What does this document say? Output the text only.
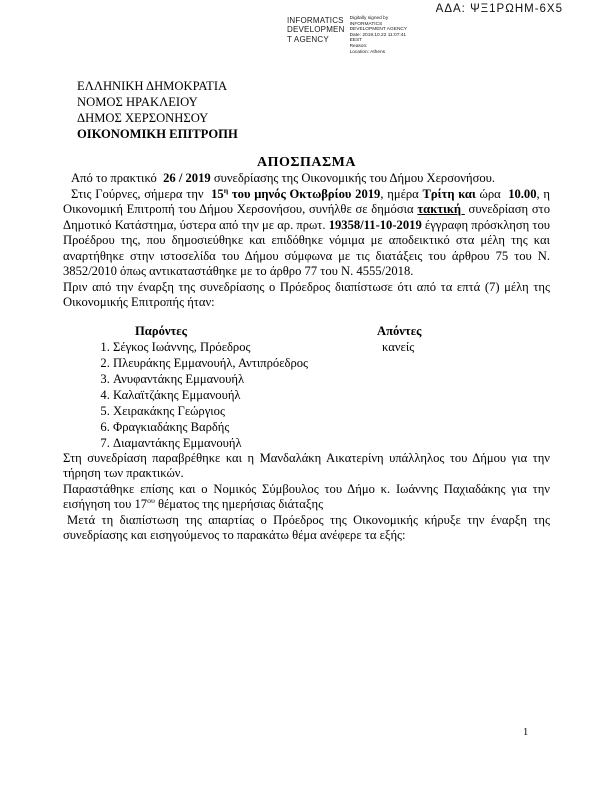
ΑΔΑ: ΨΞ1ΡΩΗΜ-6Χ5
INFORMATICS
DEVELOPMEN
T AGENCY
Digitally signed by
INFORMATICS
DEVELOPMENT AGENCY
Date: 2019.10.22 11:07:41
EEST
Reason:
Location: Athens
ΕΛΛΗΝΙΚΗ ΔΗΜΟΚΡΑΤΙΑ
ΝΟΜΟΣ ΗΡΑΚΛΕΙΟΥ
ΔΗΜΟΣ ΧΕΡΣΟΝΗΣΟΥ
ΟΙΚΟΝΟΜΙΚΗ ΕΠΙΤΡΟΠΗ
ΑΠΟΣΠΑΣΜΑ

Από το πρακτικό  26 / 2019 συνεδρίασης της Οικονομικής του Δήμου Χερσονήσου.

Στις Γούρνες, σήμερα την  $15^\eta$ του μηνός Οκτωβρίου 2019, ημέρα Τρίτη και ώρα  10.00, η Οικονομική Επιτροπή του Δήμου Χερσονήσου, συνήλθε σε δημόσια τακτική  συνεδρίαση στο Δημοτικό Κατάστημα, ύστερα από την με αρ. πρωτ. 19358/11-10-2019 έγγραφη πρόσκληση του Προέδρου της, που δημοσιεύθηκε και επιδόθηκε νόμιμα με αποδεικτικό στα μέλη της και αναρτήθηκε στην ιστοσελίδα του Δήμου σύμφωνα με τις διατάξεις του άρθρου 75 του Ν. 3852/2010 όπως αντικαταστάθηκε με το άρθρο 77 του Ν. 4555/2018.

Πριν από την έναρξη της συνεδρίασης ο Πρόεδρος διαπίστωσε ότι από τα επτά (7) μέλη της Οικονομικής Επιτροπής ήταν:

Παρόντες
1. Σέγκος Ιωάννης, Πρόεδρος
2. Πλευράκης Εμμανουήλ, Αντιπρόεδρος
3. Ανυφαντάκης Εμμανουήλ
4. Καλαϊτζάκης Εμμανουήλ
5. Χειρακάκης Γεώργιος
6. Φραγκιαδάκης Βαρδής
7. Διαμαντάκης Εμμανουήλ
Απόντες
κανείς

Στη συνεδρίαση παραβρέθηκε και η Μανδαλάκη Αικατερίνη υπάλληλος του Δήμου για την τήρηση των πρακτικών.

Παραστάθηκε επίσης και ο Νομικός Σύμβουλος του Δήμο κ. Ιωάννης Παχιαδάκης για την εισήγηση του $17^{o\upsilon}$ θέματος της ημερήσιας διάταξης

Μετά τη διαπίστωση της απαρτίας ο Πρόεδρος της Οικονομικής κήρυξε την έναρξη της συνεδρίασης και εισηγούμενος το παρακάτω θέμα ανέφερε τα εξής:

1
